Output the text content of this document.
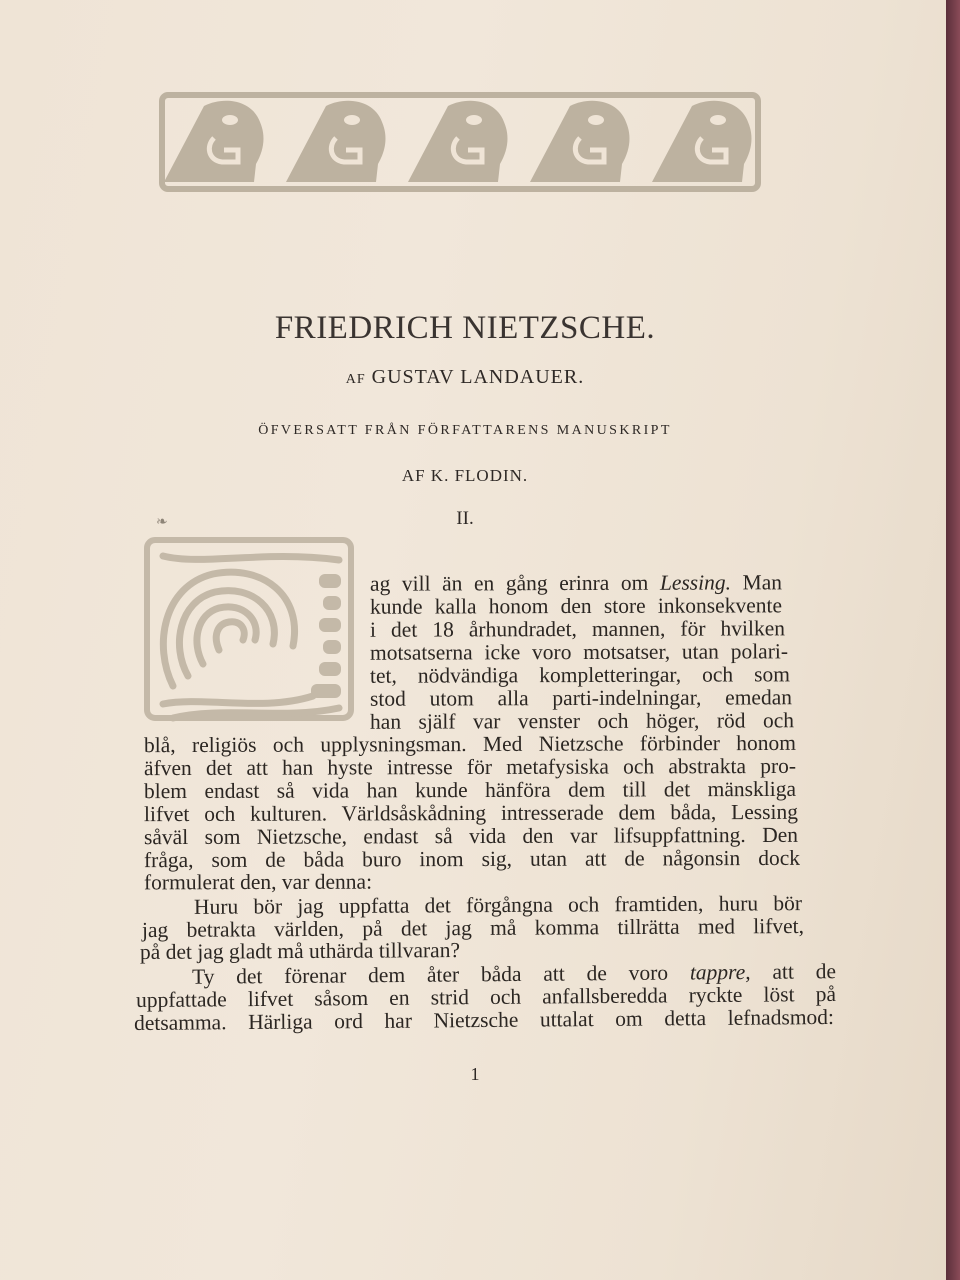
FRIEDRICH NIETZSCHE.
AF GUSTAV LANDAUER.
ÖFVERSATT FRÅN FÖRFATTARENS MANUSKRIPT
AF K. FLODIN.
II.
❧
ag vill än en gång erinra om Lessing. Man
kunde kalla honom den store inkonsekvente
i det 18 århundradet, mannen, för hvilken
motsatserna icke voro motsatser, utan polari-
tet, nödvändiga kompletteringar, och som
stod utom alla parti-indelningar, emedan
han själf var venster och höger, röd och
blå, religiös och upplysningsman. Med Nietzsche förbinder honom
äfven det att han hyste intresse för metafysiska och abstrakta pro-
blem endast så vida han kunde hänföra dem till det mänskliga
lifvet och kulturen. Världsåskådning intresserade dem båda, Lessing
såväl som Nietzsche, endast så vida den var lifsuppfattning. Den
fråga, som de båda buro inom sig, utan att de någonsin dock
formulerat den, var denna:
Huru bör jag uppfatta det förgångna och framtiden, huru bör
jag betrakta världen, på det jag må komma tillrätta med lifvet,
på det jag gladt må uthärda tillvaran?
Ty det förenar dem åter båda att de voro tappre, att de
uppfattade lifvet såsom en strid och anfallsberedda ryckte löst på
detsamma. Härliga ord har Nietzsche uttalat om detta lefnadsmod:
1
